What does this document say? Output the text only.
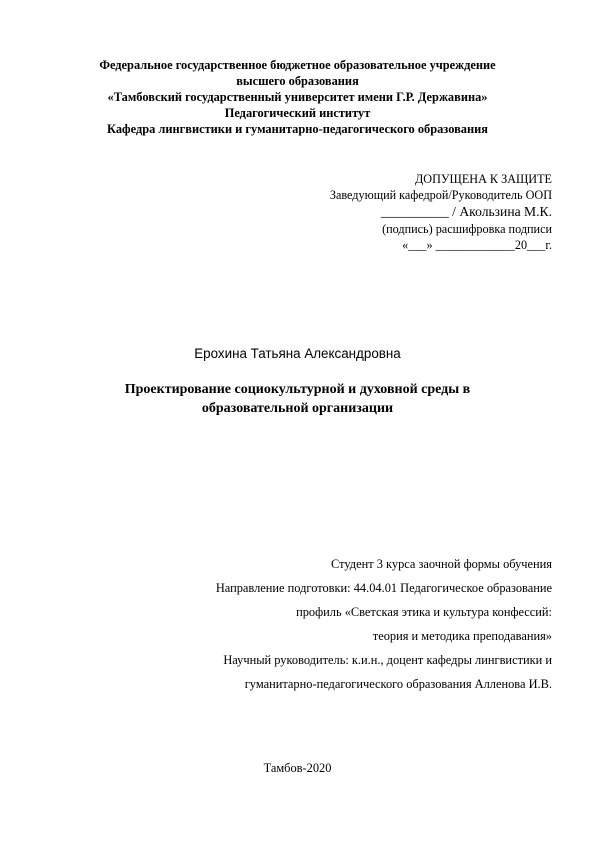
Федеральное государственное бюджетное образовательное учреждение
высшего образования
«Тамбовский государственный университет имени Г.Р. Державина»
Педагогический институт
Кафедра лингвистики и гуманитарно-педагогического образования
ДОПУЩЕНА К ЗАЩИТЕ
Заведующий кафедрой/Руководитель ООП
__________ / Акользина М.К.
(подпись) расшифровка подписи
«___» _____________20___г.
Ерохина Татьяна Александровна
Проектирование социокультурной и духовной среды в
образовательной организации
Студент 3 курса заочной формы обучения
Направление подготовки: 44.04.01 Педагогическое образование
профиль «Светская этика и культура конфессий:
теория и методика преподавания»
Научный руководитель: к.и.н., доцент кафедры лингвистики и
гуманитарно-педагогического образования Алленова И.В.
Тамбов-2020
